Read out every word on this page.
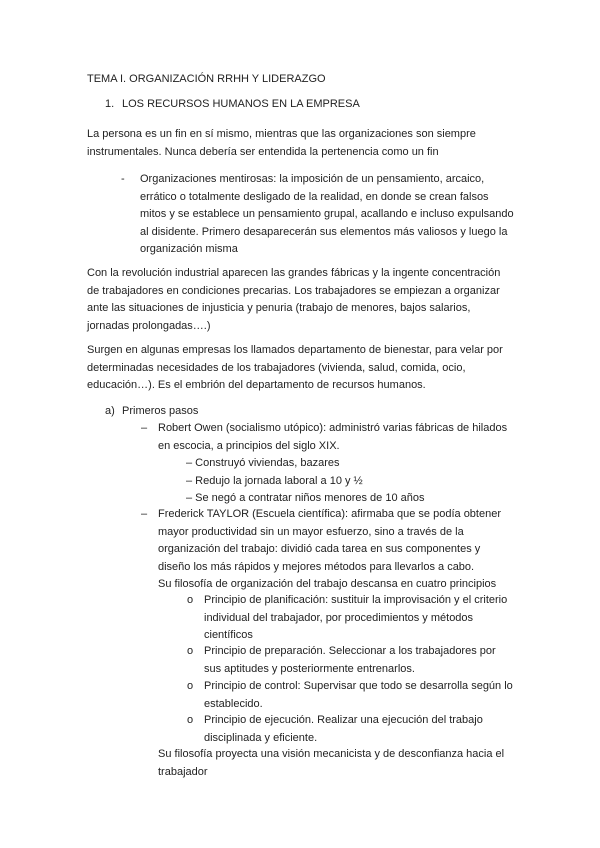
TEMA I. ORGANIZACIÓN RRHH Y LIDERAZGO
1. LOS RECURSOS HUMANOS EN LA EMPRESA
La persona es un fin en sí mismo, mientras que las organizaciones son siempre
instrumentales. Nunca debería ser entendida la pertenencia como un fin
- Organizaciones mentirosas: la imposición de un pensamiento, arcaico,
errático o totalmente desligado de la realidad, en donde se crean falsos
mitos y se establece un pensamiento grupal, acallando e incluso expulsando
al disidente. Primero desaparecerán sus elementos más valiosos y luego la
organización misma
Con la revolución industrial aparecen las grandes fábricas y la ingente concentración
de trabajadores en condiciones precarias. Los trabajadores se empiezan a organizar
ante las situaciones de injusticia y penuria (trabajo de menores, bajos salarios,
jornadas prolongadas….)
Surgen en algunas empresas los llamados departamento de bienestar, para velar por
determinadas necesidades de los trabajadores (vivienda, salud, comida, ocio,
educación…). Es el embrión del departamento de recursos humanos.
a) Primeros pasos
– Robert Owen (socialismo utópico): administró varias fábricas de hilados
en escocia, a principios del siglo XIX.
– Construyó viviendas, bazares
– Redujo la jornada laboral a 10 y ½
– Se negó a contratar niños menores de 10 años
– Frederick TAYLOR (Escuela científica): afirmaba que se podía obtener
mayor productividad sin un mayor esfuerzo, sino a través de la
organización del trabajo: dividió cada tarea en sus componentes y
diseño los más rápidos y mejores métodos para llevarlos a cabo.
Su filosofía de organización del trabajo descansa en cuatro principios
o Principio de planificación: sustituir la improvisación y el criterio
individual del trabajador, por procedimientos y métodos
científicos
o Principio de preparación. Seleccionar a los trabajadores por
sus aptitudes y posteriormente entrenarlos.
o Principio de control: Supervisar que todo se desarrolla según lo
establecido.
o Principio de ejecución. Realizar una ejecución del trabajo
disciplinada y eficiente.
Su filosofía proyecta una visión mecanicista y de desconfianza hacia el
trabajador
